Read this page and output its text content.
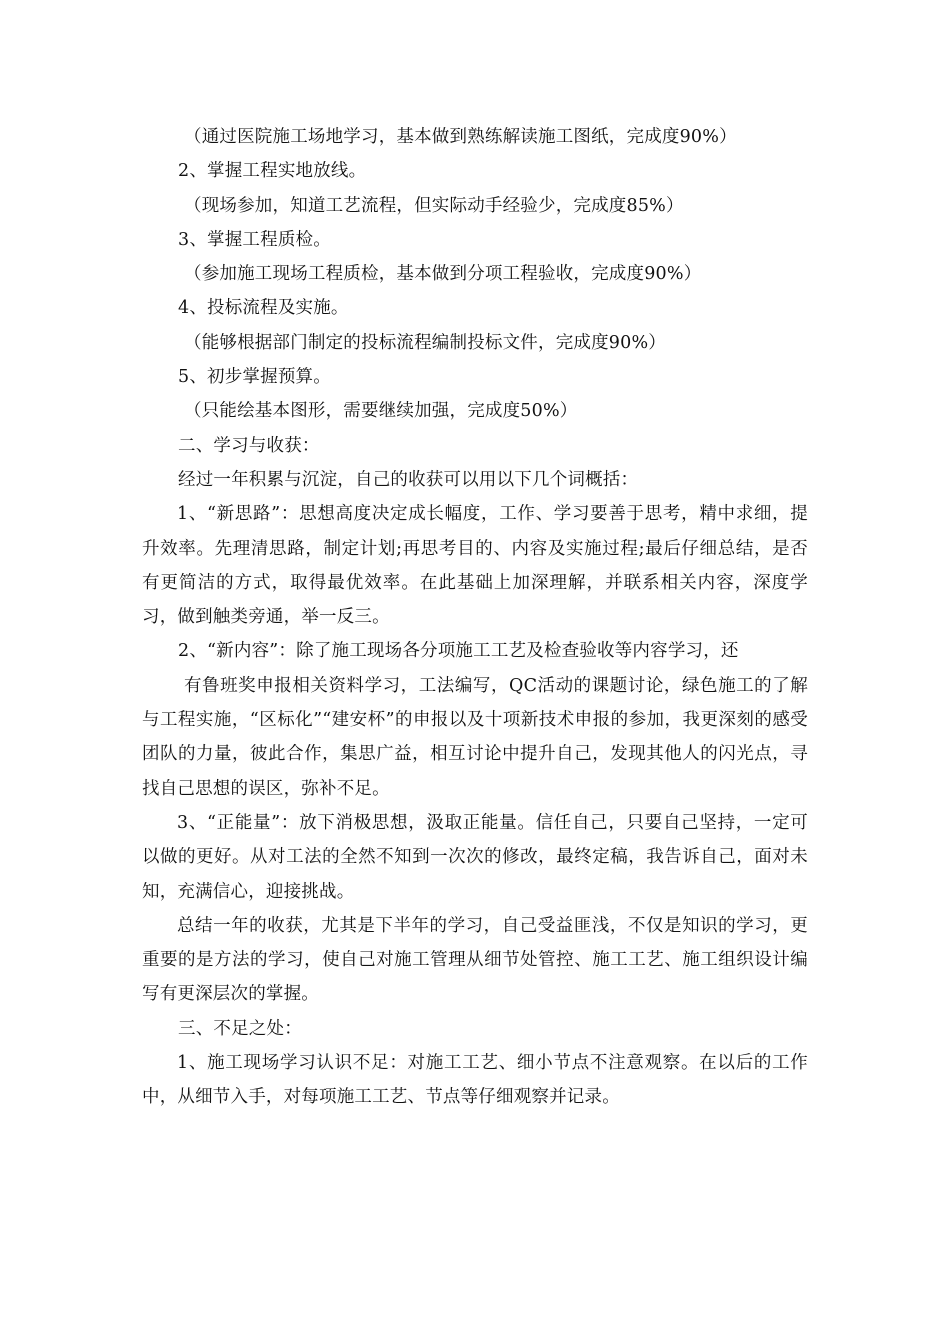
（通过医院施工场地学习，基本做到熟练解读施工图纸，完成度90%）

2、掌握工程实地放线。

（现场参加，知道工艺流程，但实际动手经验少，完成度85%）

3、掌握工程质检。

（参加施工现场工程质检，基本做到分项工程验收，完成度90%）

4、投标流程及实施。

（能够根据部门制定的投标流程编制投标文件，完成度90%）

5、初步掌握预算。

（只能绘基本图形，需要继续加强，完成度50%）

二、学习与收获：

经过一年积累与沉淀，自己的收获可以用以下几个词概括：

1、“新思路”：思想高度决定成长幅度，工作、学习要善于思考，精中求细，提升效率。先理清思路，制定计划;再思考目的、内容及实施过程;最后仔细总结，是否有更简洁的方式，取得最优效率。在此基础上加深理解，并联系相关内容，深度学习，做到触类旁通，举一反三。

2、“新内容”：除了施工现场各分项施工工艺及检查验收等内容学习，还

有鲁班奖申报相关资料学习，工法编写，QC活动的课题讨论，绿色施工的了解与工程实施，“区标化”“建安杯”的申报以及十项新技术申报的参加，我更深刻的感受团队的力量，彼此合作，集思广益，相互讨论中提升自己，发现其他人的闪光点，寻找自己思想的误区，弥补不足。

3、“正能量”：放下消极思想，汲取正能量。信任自己，只要自己坚持，一定可以做的更好。从对工法的全然不知到一次次的修改，最终定稿，我告诉自己，面对未知，充满信心，迎接挑战。

总结一年的收获，尤其是下半年的学习，自己受益匪浅，不仅是知识的学习，更重要的是方法的学习，使自己对施工管理从细节处管控、施工工艺、施工组织设计编写有更深层次的掌握。

三、不足之处：

1、施工现场学习认识不足：对施工工艺、细小节点不注意观察。在以后的工作中，从细节入手，对每项施工工艺、节点等仔细观察并记录。
